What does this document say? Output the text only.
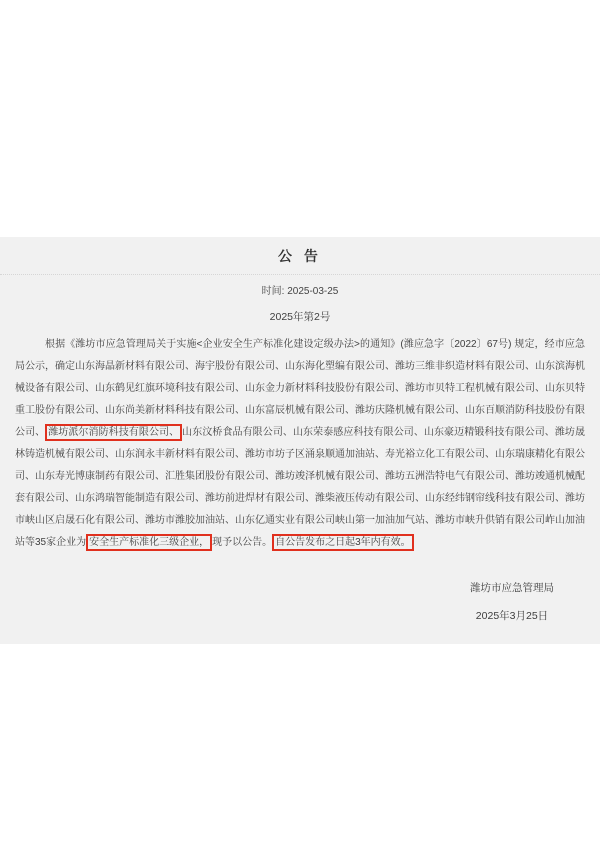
公 告
时间: 2025-03-25
2025年第2号

根据《潍坊市应急管理局关于实施<企业安全生产标准化建设定级办法>的通知》(潍应急字〔2022〕67号) 规定，经市应急局公示，确定山东海晶新材料有限公司、海宇股份有限公司、山东海化塑编有限公司、潍坊三维非织造材料有限公司、山东滨海机械设备有限公司、山东鹤见红旗环境科技有限公司、山东金力新材料科技股份有限公司、潍坊市贝特工程机械有限公司、山东贝特重工股份有限公司、山东尚美新材料科技有限公司、山东富辰机械有限公司、潍坊庆隆机械有限公司、山东百顺消防科技股份有限公司、 潍坊派尔消防科技有限公司、 山东汶桥食品有限公司、山东荣泰感应科技有限公司、山东豪迈精锻科技有限公司、潍坊晟林铸造机械有限公司、山东润永丰新材料有限公司、潍坊市坊子区涌泉顺通加油站、寿光裕立化工有限公司、山东瑞康精化有限公司、山东寿光博康制药有限公司、汇胜集团股份有限公司、潍坊竣泽机械有限公司、潍坊五洲浩特电气有限公司、潍坊竣通机械配套有限公司、山东鸿瑞智能制造有限公司、潍坊前进焊材有限公司、潍柴液压传动有限公司、山东经纬钢帘线科技有限公司、潍坊市峡山区启晟石化有限公司、潍坊市潍胶加油站、山东亿通实业有限公司峡山第一加油加气站、潍坊市峡升供销有限公司岞山加油站等35家企业为 安全生产标准化三级企业， 现予以公告。 自公告发布之日起3年内有效。

潍坊市应急管理局
2025年3月25日
